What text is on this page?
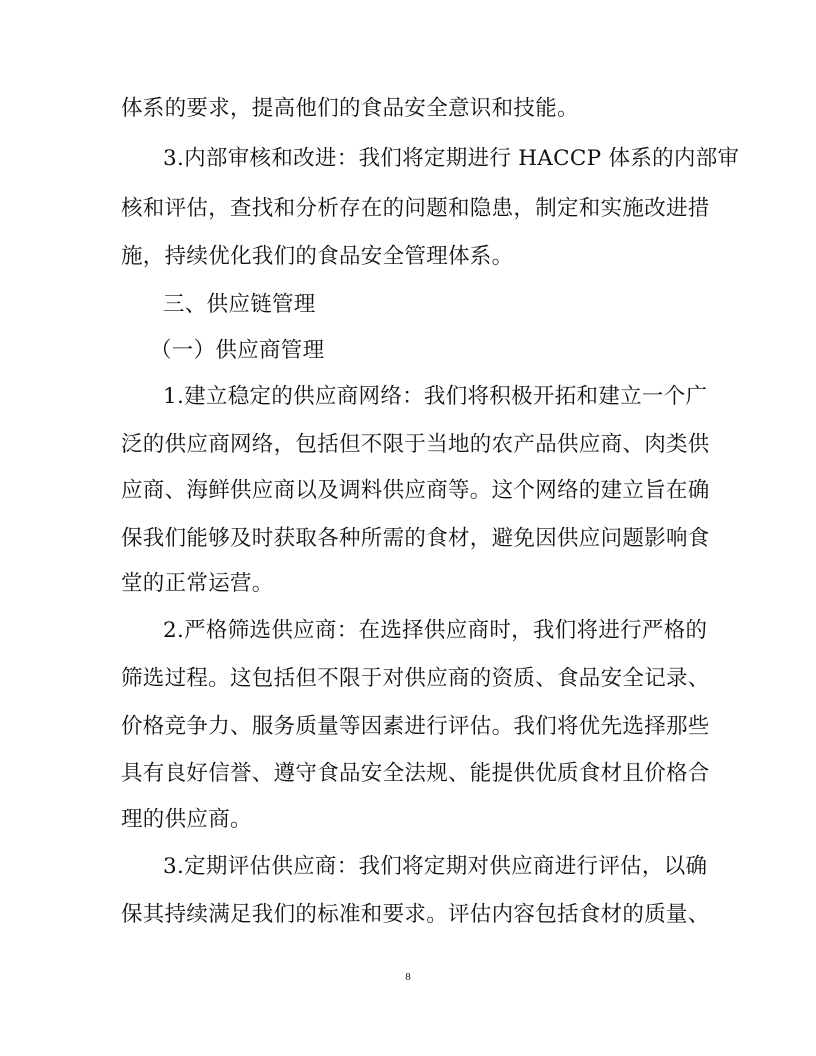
体系的要求，提高他们的食品安全意识和技能。
3.内部审核和改进：我们将定期进行 HACCP 体系的内部审
核和评估，查找和分析存在的问题和隐患，制定和实施改进措
施，持续优化我们的食品安全管理体系。
三、供应链管理
（一）供应商管理
1.建立稳定的供应商网络：我们将积极开拓和建立一个广
泛的供应商网络，包括但不限于当地的农产品供应商、肉类供
应商、海鲜供应商以及调料供应商等。这个网络的建立旨在确
保我们能够及时获取各种所需的食材，避免因供应问题影响食
堂的正常运营。
2.严格筛选供应商：在选择供应商时，我们将进行严格的
筛选过程。这包括但不限于对供应商的资质、食品安全记录、
价格竞争力、服务质量等因素进行评估。我们将优先选择那些
具有良好信誉、遵守食品安全法规、能提供优质食材且价格合
理的供应商。
3.定期评估供应商：我们将定期对供应商进行评估，以确
保其持续满足我们的标准和要求。评估内容包括食材的质量、
8
